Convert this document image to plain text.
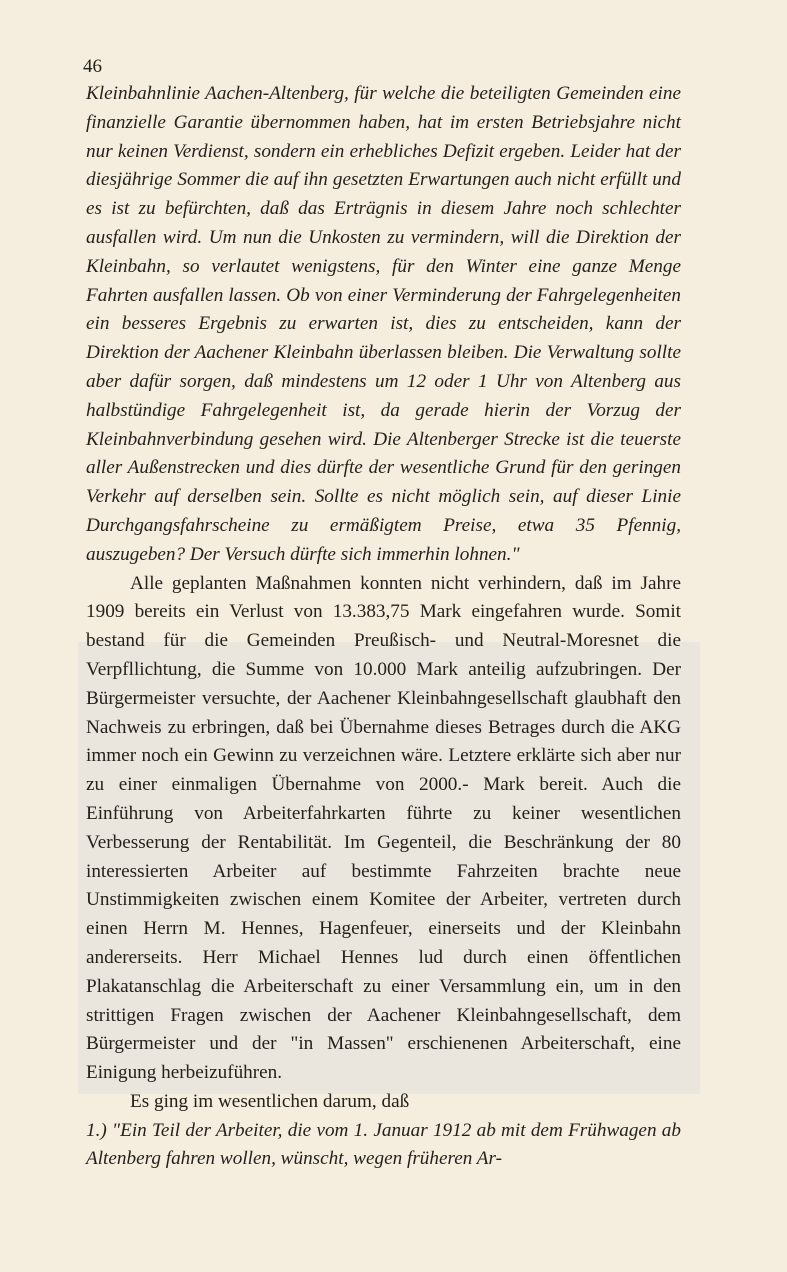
46

Kleinbahnlinie Aachen-Altenberg, für welche die beteiligten Gemeinden eine finanzielle Garantie übernommen haben, hat im ersten Betriebsjahre nicht nur keinen Verdienst, sondern ein erhebliches Defizit ergeben. Leider hat der diesjährige Sommer die auf ihn gesetzten Erwartungen auch nicht erfüllt und es ist zu befürchten, daß das Erträgnis in diesem Jahre noch schlechter ausfallen wird. Um nun die Unkosten zu vermindern, will die Direktion der Kleinbahn, so verlautet wenigstens, für den Winter eine ganze Menge Fahrten ausfallen lassen. Ob von einer Verminderung der Fahrgelegenheiten ein besseres Ergebnis zu erwarten ist, dies zu entscheiden, kann der Direktion der Aachener Kleinbahn überlassen bleiben. Die Verwaltung sollte aber dafür sorgen, daß mindestens um 12 oder 1 Uhr von Altenberg aus halbstündige Fahrgelegenheit ist, da gerade hierin der Vorzug der Kleinbahnverbindung gesehen wird. Die Altenberger Strecke ist die teuerste aller Außenstrecken und dies dürfte der wesentliche Grund für den geringen Verkehr auf derselben sein. Sollte es nicht möglich sein, auf dieser Linie Durchgangsfahrscheine zu ermäßigtem Preise, etwa 35 Pfennig, auszugeben? Der Versuch dürfte sich immerhin lohnen."

Alle geplanten Maßnahmen konnten nicht verhindern, daß im Jahre 1909 bereits ein Verlust von 13.383,75 Mark eingefahren wurde. Somit bestand für die Gemeinden Preußisch- und Neutral-Moresnet die Verpfllichtung, die Summe von 10.000 Mark anteilig aufzubringen. Der Bürgermeister versuchte, der Aachener Kleinbahngesellschaft glaubhaft den Nachweis zu erbringen, daß bei Übernahme dieses Betrages durch die AKG immer noch ein Gewinn zu verzeichnen wäre. Letztere erklärte sich aber nur zu einer einmaligen Übernahme von 2000.- Mark bereit. Auch die Einführung von Arbeiterfahrkarten führte zu keiner wesentlichen Verbesserung der Rentabilität. Im Gegenteil, die Beschränkung der 80 interessierten Arbeiter auf bestimmte Fahrzeiten brachte neue Unstimmigkeiten zwischen einem Komitee der Arbeiter, vertreten durch einen Herrn M. Hennes, Hagenfeuer, einerseits und der Kleinbahn andererseits. Herr Michael Hennes lud durch einen öffentlichen Plakatanschlag die Arbeiterschaft zu einer Versammlung ein, um in den strittigen Fragen zwischen der Aachener Kleinbahngesellschaft, dem Bürgermeister und der "in Massen" erschienenen Arbeiterschaft, eine Einigung herbeizuführen.

Es ging im wesentlichen darum, daß

1.) "Ein Teil der Arbeiter, die vom 1. Januar 1912 ab mit dem Frühwagen ab Altenberg fahren wollen, wünscht, wegen früheren Ar-
